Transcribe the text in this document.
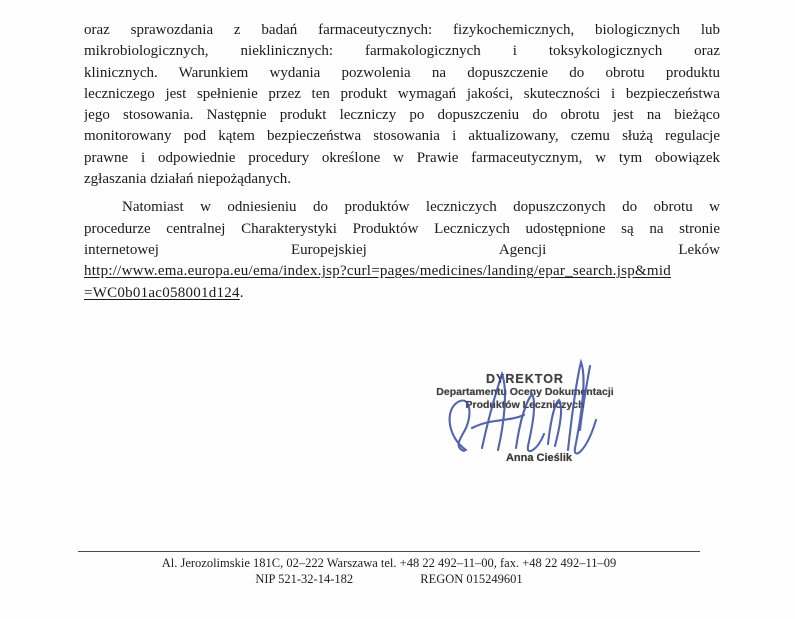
oraz sprawozdania z badań farmaceutycznych: fizykochemicznych, biologicznych lub
mikrobiologicznych, nieklinicznych: farmakologicznych i toksykologicznych oraz
klinicznych. Warunkiem wydania pozwolenia na dopuszczenie do obrotu produktu
leczniczego jest spełnienie przez ten produkt wymagań jakości, skuteczności i bezpieczeństwa
jego stosowania. Następnie produkt leczniczy po dopuszczeniu do obrotu jest na bieżąco
monitorowany pod kątem bezpieczeństwa stosowania i aktualizowany, czemu służą regulacje
prawne i odpowiednie procedury określone w Prawie farmaceutycznym, w tym obowiązek
zgłaszania działań niepożądanych.
Natomiast w odniesieniu do produktów leczniczych dopuszczonych do obrotu w
procedurze centralnej Charakterystyki Produktów Leczniczych udostępnione są na stronie
internetowej	Europejskiej	Agencji	Leków
http://www.ema.europa.eu/ema/index.jsp?curl=pages/medicines/landing/epar_search.jsp&mid
=WC0b01ac058001d124.
DYREKTOR
Departamentu Oceny Dokumentacji
Produktów Leczniczych
Anna Cieślik
Al. Jerozolimskie 181C, 02–222 Warszawa tel. +48 22 492–11–00, fax. +48 22 492–11–09
NIP 521-32-14-182	REGON 015249601
